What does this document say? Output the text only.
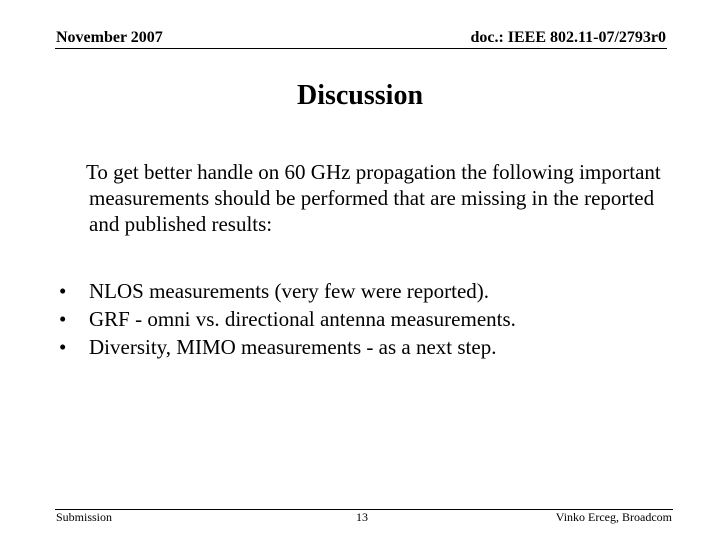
November 2007	doc.: IEEE 802.11-07/2793r0
Discussion
To get better handle on 60 GHz propagation the following important measurements should be performed that are missing in the reported and published results:
•	NLOS measurements (very few were reported).
•	GRF - omni vs. directional antenna measurements.
•	Diversity, MIMO measurements - as a next step.
Submission	13	Vinko Erceg, Broadcom
